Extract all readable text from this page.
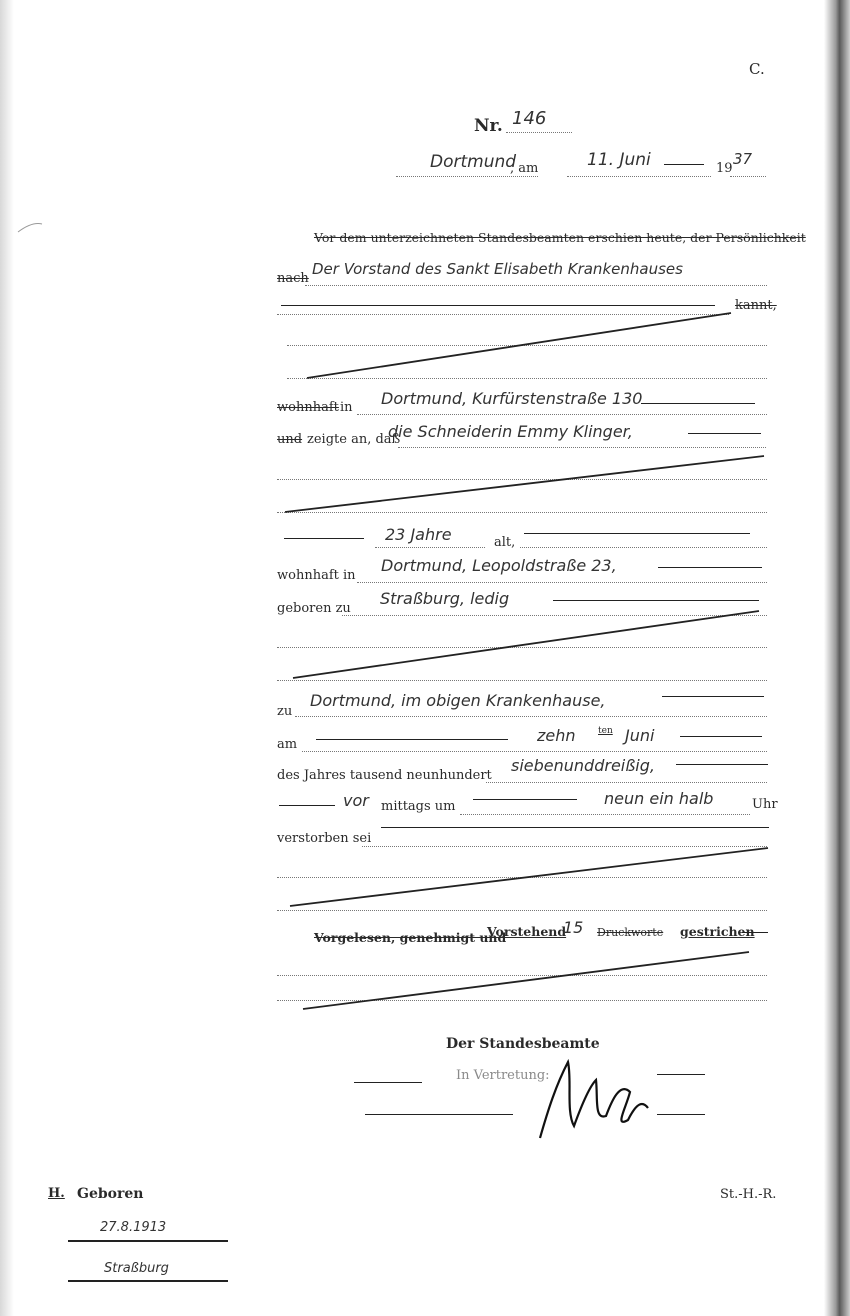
C.
Nr. 146
Dortmund
, am	11. Juni	19
37
Vor dem unterzeichneten Standesbeamten erschien heute, der Persönlichkeit
nach
Der Vorstand des Sankt Elisabeth Krankenhauses
kannt,
wohnhaft in Dortmund, Kurfürstenstraße 130
und zeigte an, daß
die Schneiderin Emmy Klinger,
23 Jahre	alt,
wohnhaft in
Dortmund, Leopoldstraße 23,
geboren zu
Straßburg, ledig
zu
Dortmund, im obigen Krankenhause,
am	zehn ten Juni
des Jahres tausend neunhundert
siebenunddreißig,
vor mittags um	neun ein halb	Uhr
verstorben sei
Vorgelesen, genehmigt und
Vorstehend
15 Druckworte gestrichen
Der Standesbeamte
In Vertretung:
H. Geboren
27.8.1913
Straßburg
St.-H.-R.
